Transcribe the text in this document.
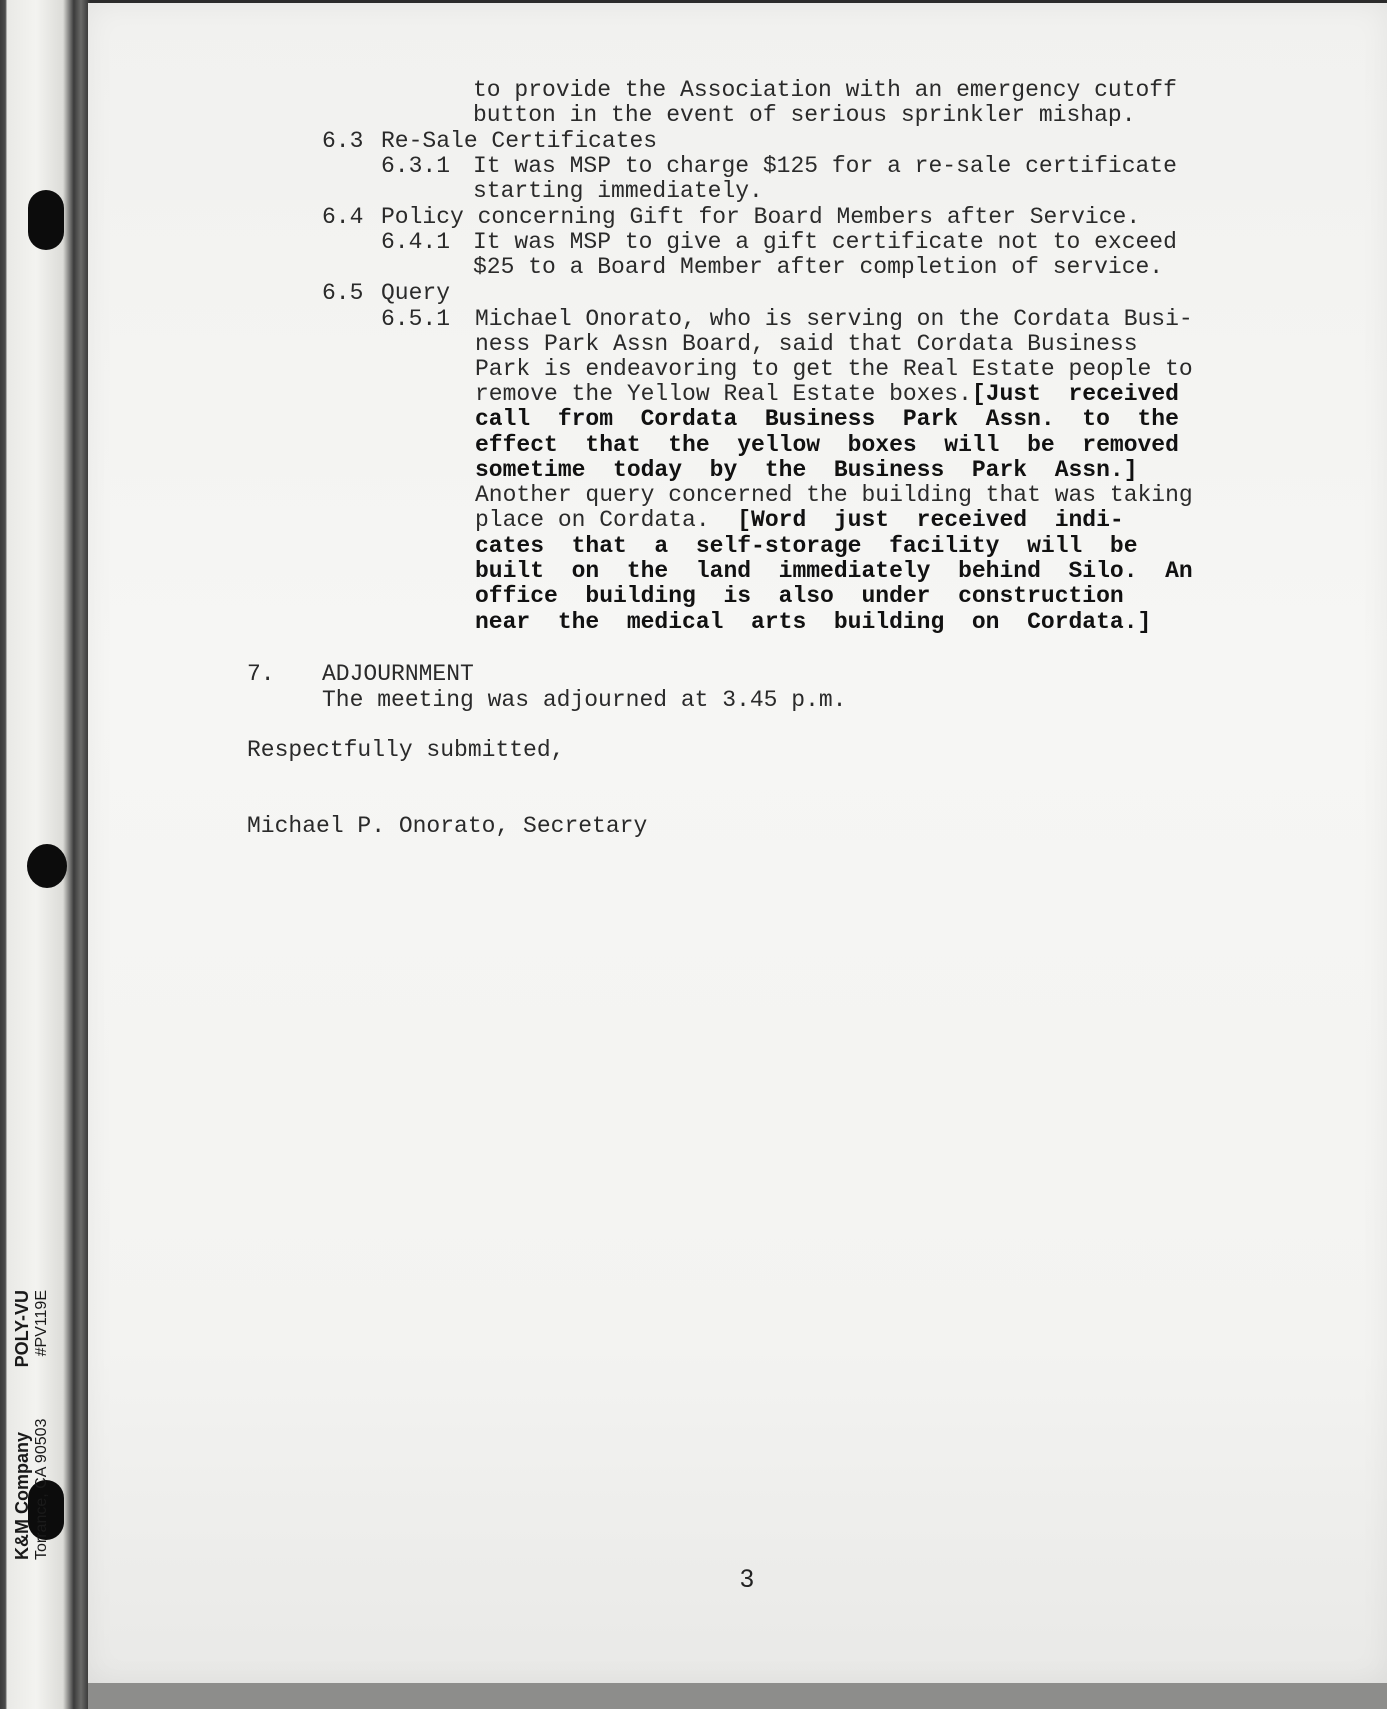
K&M Company
POLY-VU
Torrance, CA 90503
#PV119E
to provide the Association with an emergency cutoff
button in the event of serious sprinkler mishap.
6.3 Re-Sale Certificates
6.3.1 It was MSP to charge $125 for a re-sale certificate
starting immediately.
6.4 Policy concerning Gift for Board Members after Service.
6.4.1 It was MSP to give a gift certificate not to exceed
$25 to a Board Member after completion of service.
6.5 Query
6.5.1 Michael Onorato, who is serving on the Cordata Busi-
ness Park Assn Board, said that Cordata Business
Park is endeavoring to get the Real Estate people to
remove the Yellow Real Estate boxes.[Just  received
call  from  Cordata  Business  Park  Assn.  to  the
effect  that  the  yellow  boxes  will  be  removed
sometime  today  by  the  Business  Park  Assn.]
Another query concerned the building that was taking
place on Cordata.  [Word  just  received  indi-
cates  that  a  self-storage  facility  will  be
built  on  the  land  immediately  behind  Silo.  An
office  building  is  also  under  construction
near  the  medical  arts  building  on  Cordata.]
7. ADJOURNMENT
The meeting was adjourned at 3.45 p.m.
Respectfully submitted,
Michael P. Onorato, Secretary
3
